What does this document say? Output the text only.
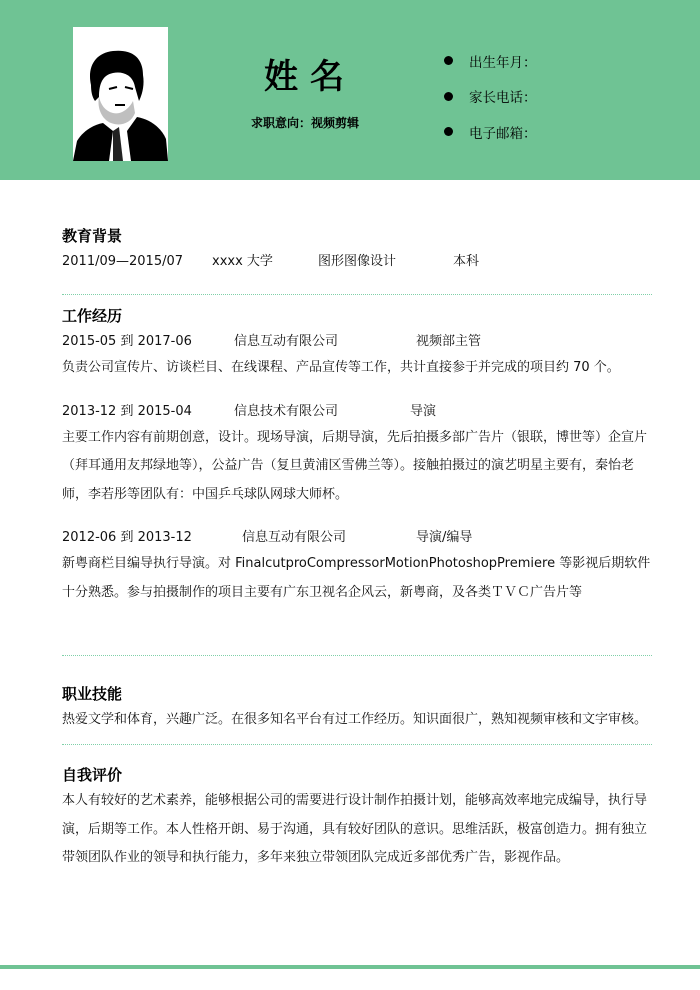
姓名
求职意向：视频剪辑
出生年月：
家长电话：
电子邮箱：
教育背景
2011/09—2015/07 xxxx 大学	图形图像设计	本科
工作经历
2015-05 到 2017-06	信息互动有限公司	视频部主管
负责公司宣传片、访谈栏目、在线课程、产品宣传等工作，共计直接参于并完成的项目约 70 个。
2013-12 到 2015-04	信息技术有限公司	导演
主要工作内容有前期创意，设计。现场导演，后期导演，先后拍摄多部广告片（银联，博世等）企宣片（拜耳通用友邦绿地等），公益广告（复旦黄浦区雪佛兰等）。接触拍摄过的演艺明星主要有，秦怡老师，李若彤等团队有：中国乒乓球队网球大师杯。
2012-06 到 2013-12	信息互动有限公司	导演/编导
新粤商栏目编导执行导演。对 FinalcutproCompressorMotionPhotoshopPremiere 等影视后期软件十分熟悉。参与拍摄制作的项目主要有广东卫视名企风云，新粤商，及各类ＴＶＣ广告片等
职业技能
热爱文学和体育，兴趣广泛。在很多知名平台有过工作经历。知识面很广，熟知视频审核和文字审核。
自我评价
本人有较好的艺术素养，能够根据公司的需要进行设计制作拍摄计划，能够高效率地完成编导，执行导演，后期等工作。本人性格开朗、易于沟通，具有较好团队的意识。思维活跃，极富创造力。拥有独立带领团队作业的领导和执行能力，多年来独立带领团队完成近多部优秀广告，影视作品。
